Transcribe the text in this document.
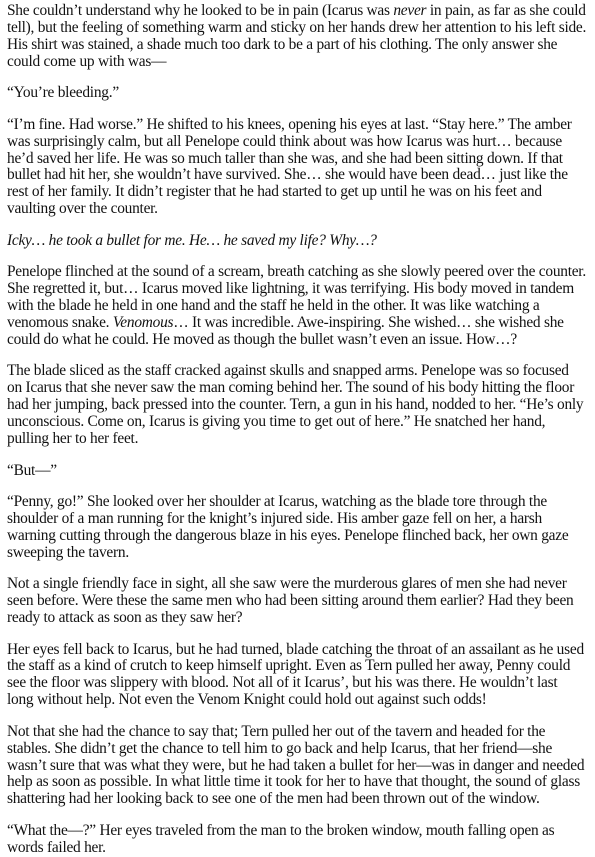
She couldn’t understand why he looked to be in pain (Icarus was never in pain, as far as she could tell), but the feeling of something warm and sticky on her hands drew her attention to his left side. His shirt was stained, a shade much too dark to be a part of his clothing. The only answer she could come up with was—

“You’re bleeding.”

“I’m fine. Had worse.” He shifted to his knees, opening his eyes at last. “Stay here.” The amber was surprisingly calm, but all Penelope could think about was how Icarus was hurt… because he’d saved her life. He was so much taller than she was, and she had been sitting down. If that bullet had hit her, she wouldn’t have survived. She… she would have been dead… just like the rest of her family. It didn’t register that he had started to get up until he was on his feet and vaulting over the counter.

Icky… he took a bullet for me. He… he saved my life? Why…?

Penelope flinched at the sound of a scream, breath catching as she slowly peered over the counter. She regretted it, but… Icarus moved like lightning, it was terrifying. His body moved in tandem with the blade he held in one hand and the staff he held in the other. It was like watching a venomous snake. Venomous… It was incredible. Awe-inspiring. She wished… she wished she could do what he could. He moved as though the bullet wasn’t even an issue. How…?

The blade sliced as the staff cracked against skulls and snapped arms. Penelope was so focused on Icarus that she never saw the man coming behind her. The sound of his body hitting the floor had her jumping, back pressed into the counter. Tern, a gun in his hand, nodded to her. “He’s only unconscious. Come on, Icarus is giving you time to get out of here.” He snatched her hand, pulling her to her feet.

“But—”

“Penny, go!” She looked over her shoulder at Icarus, watching as the blade tore through the shoulder of a man running for the knight’s injured side. His amber gaze fell on her, a harsh warning cutting through the dangerous blaze in his eyes. Penelope flinched back, her own gaze sweeping the tavern.

Not a single friendly face in sight, all she saw were the murderous glares of men she had never seen before. Were these the same men who had been sitting around them earlier? Had they been ready to attack as soon as they saw her?

Her eyes fell back to Icarus, but he had turned, blade catching the throat of an assailant as he used the staff as a kind of crutch to keep himself upright. Even as Tern pulled her away, Penny could see the floor was slippery with blood. Not all of it Icarus’, but his was there. He wouldn’t last long without help. Not even the Venom Knight could hold out against such odds!

Not that she had the chance to say that; Tern pulled her out of the tavern and headed for the stables. She didn’t get the chance to tell him to go back and help Icarus, that her friend—she wasn’t sure that was what they were, but he had taken a bullet for her—was in danger and needed help as soon as possible. In what little time it took for her to have that thought, the sound of glass shattering had her looking back to see one of the men had been thrown out of the window.

“What the—?” Her eyes traveled from the man to the broken window, mouth falling open as words failed her.
